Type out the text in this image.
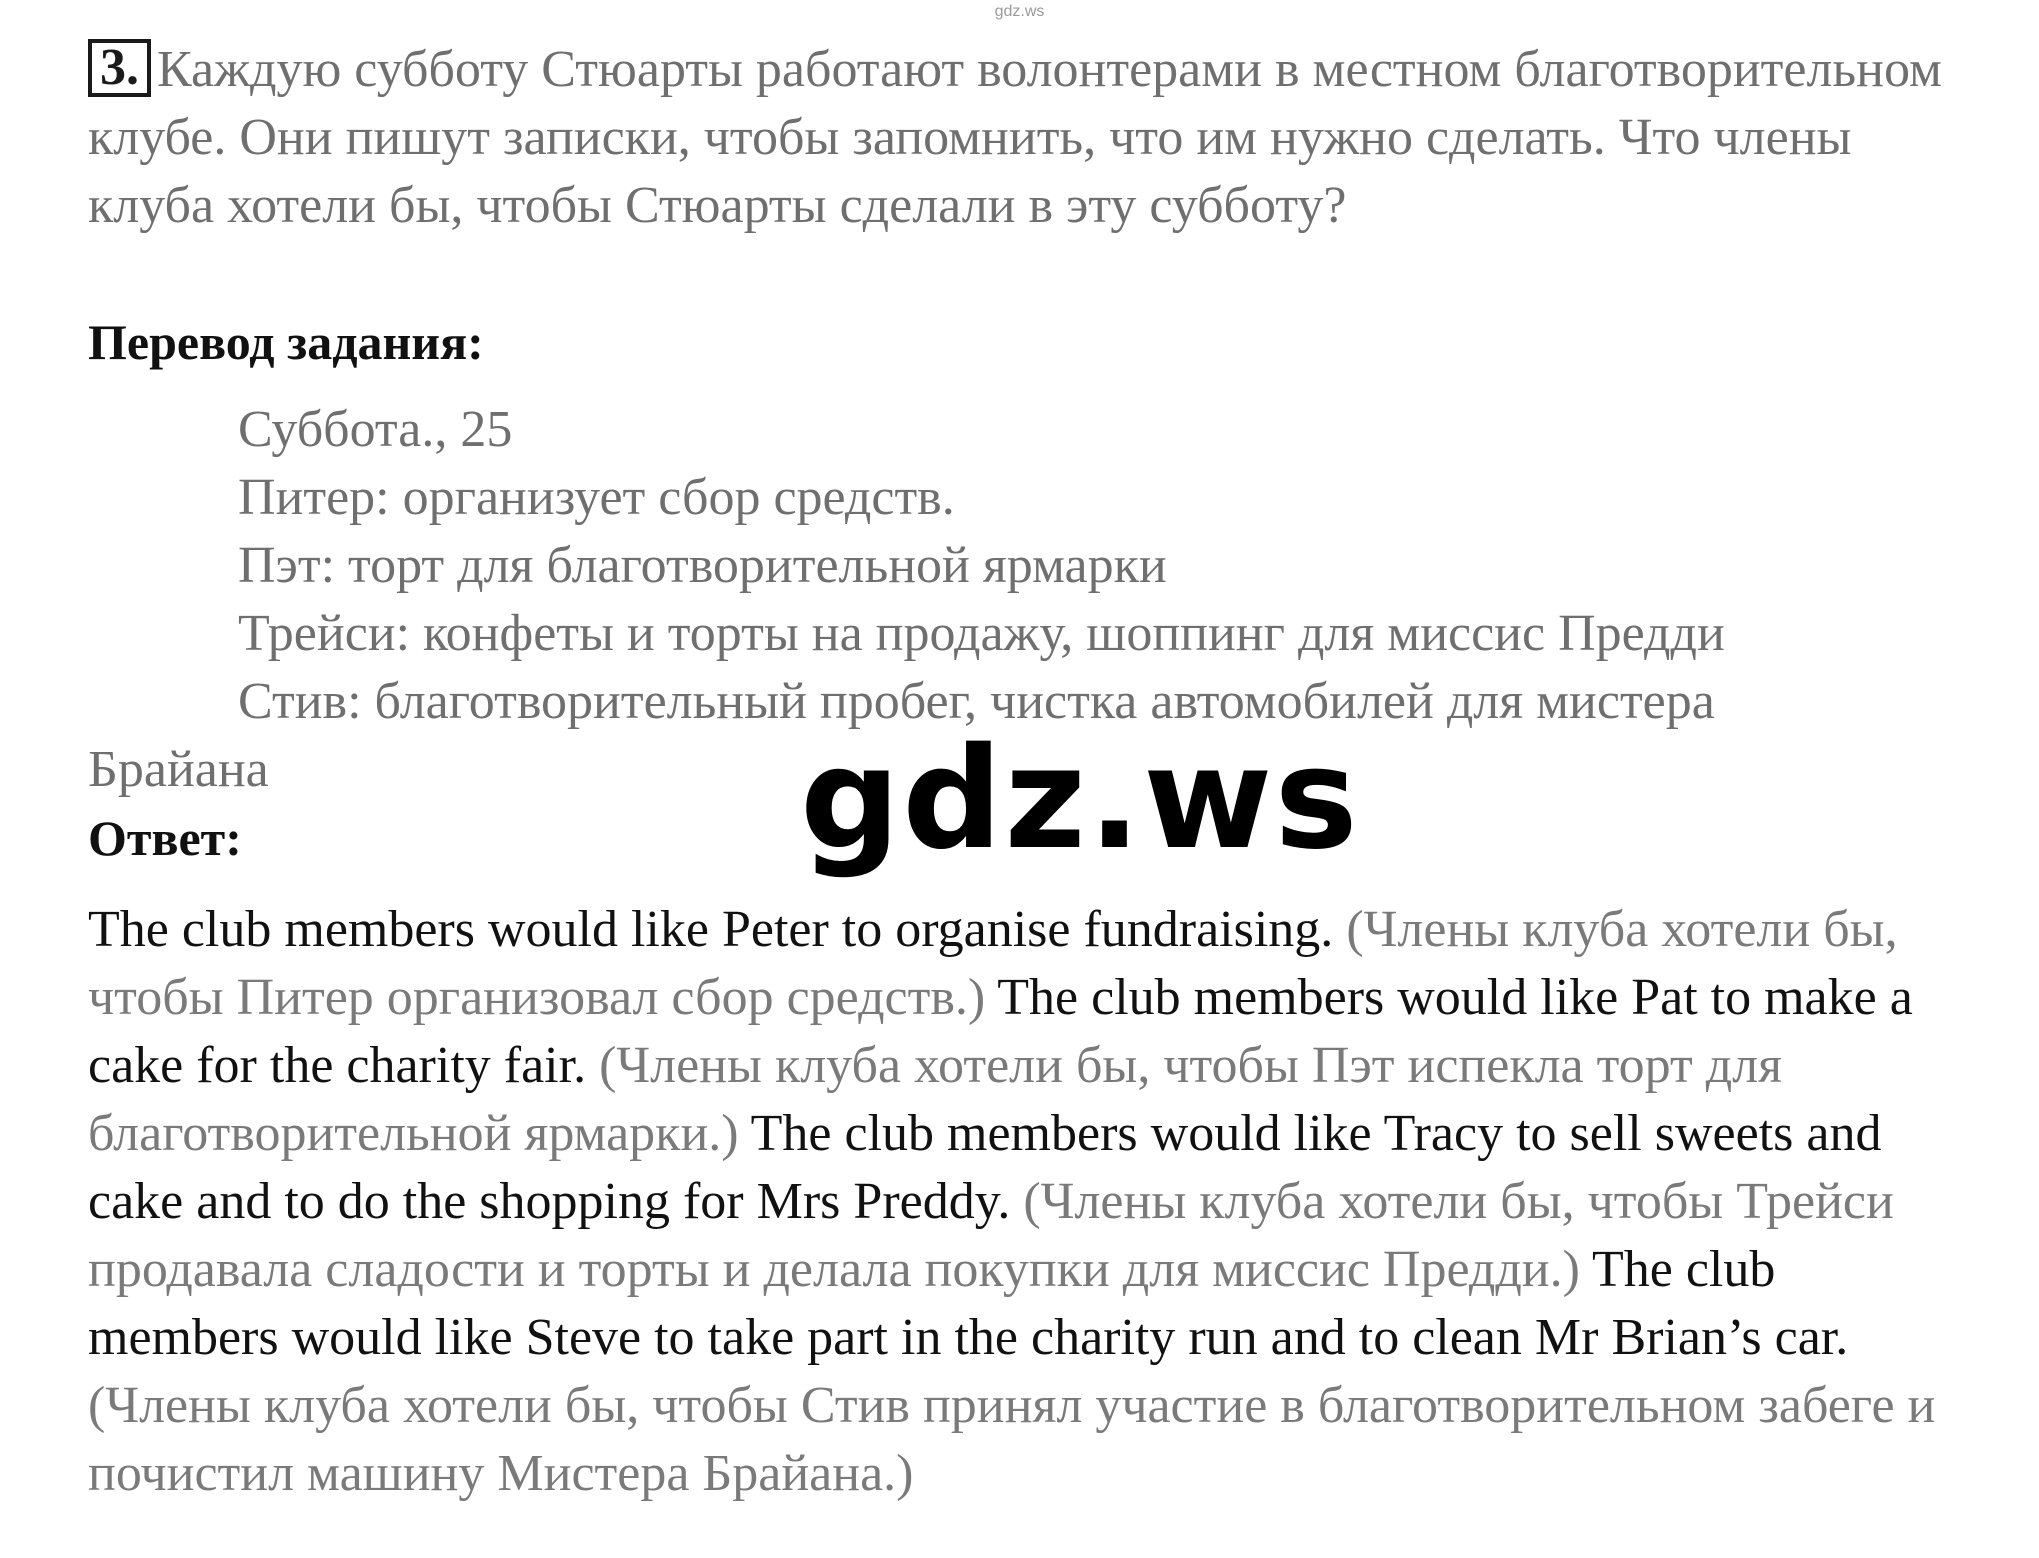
gdz.ws
3. Каждую субботу Стюарты работают волонтерами в местном благотворительном клубе. Они пишут записки, чтобы запомнить, что им нужно сделать. Что члены клуба хотели бы, чтобы Стюарты сделали в эту субботу?
Перевод задания:
Суббота., 25
Питер: организует сбор средств.
Пэт: торт для благотворительной ярмарки
Трейси: конфеты и торты на продажу, шоппинг для миссис Предди
Стив: благотворительный пробег, чистка автомобилей для мистера
Брайана	gdz.ws
Ответ:
The club members would like Peter to organise fundraising. (Члены клуба хотели бы, чтобы Питер организовал сбор средств.) The club members would like Pat to make a cake for the charity fair. (Члены клуба хотели бы, чтобы Пэт испекла торт для благотворительной ярмарки.) The club members would like Tracy to sell sweets and cake and to do the shopping for Mrs Preddy. (Члены клуба хотели бы, чтобы Трейси продавала сладости и торты и делала покупки для миссис Предди.) The club members would like Steve to take part in the charity run and to clean Mr Brian’s car. (Члены клуба хотели бы, чтобы Стив принял участие в благотворительном забеге и почистил машину Мистера Брайана.)
